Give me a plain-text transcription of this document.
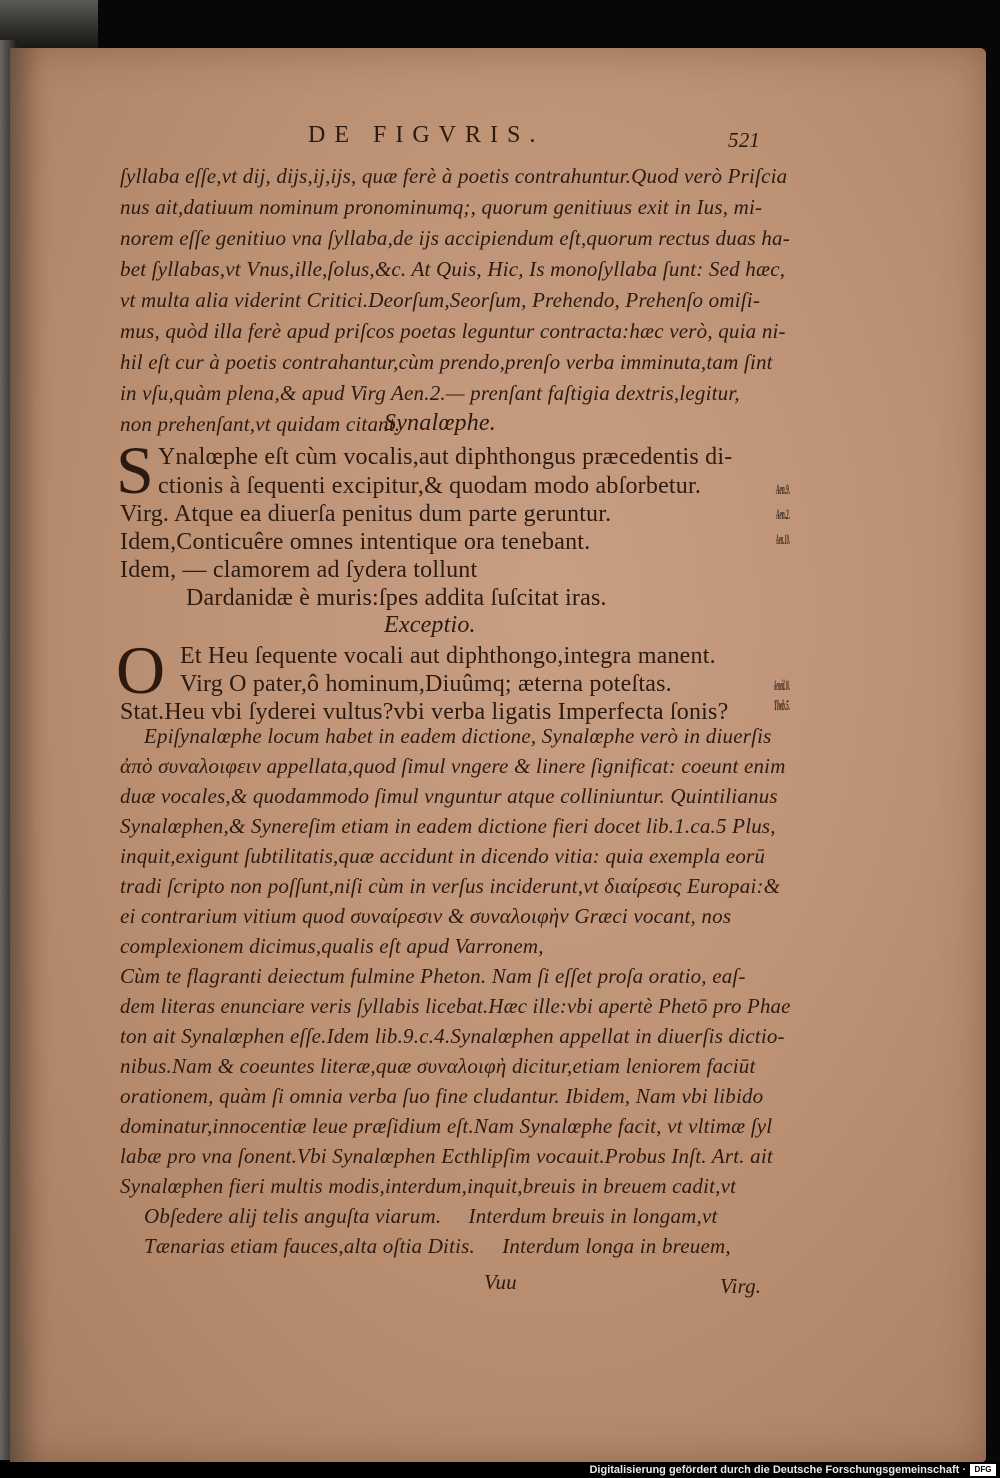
DE FIGVRIS.	521
ſyllaba eſſe,vt dij, dijs,ij,ijs, quæ ferè à poetis contrahuntur.Quod verò Priſcia
nus ait,datiuum nominum pronominumq;, quorum genitiuus exit in Ius, mi-
norem eſſe genitiuo vna ſyllaba,de ijs accipiendum eſt,quorum rectus duas ha-
bet ſyllabas,vt Vnus,ille,ſolus,&c. At Quis, Hic, Is monoſyllaba ſunt: Sed hæc,
vt multa alia viderint Critici.Deorſum,Seorſum, Prehendo, Prehenſo omiſi-
mus, quòd illa ferè apud priſcos poetas leguntur contracta:hæc verò, quia ni-
hil eſt cur à poetis contrahantur,cùm prendo,prenſo verba imminuta,tam ſint
in vſu,quàm plena,& apud Virg Aen.2.— prenſant faſtigia dextris,legitur,
non prehenſant,vt quidam citant.
Synalœphe.
S Ynalœphe eſt cùm vocalis,aut diphthongus præcedentis di-
ctionis à ſequenti excipitur,& quodam modo abſorbetur.
Virg. Atque ea diuerſa penitus dum parte geruntur.
Idem,Conticuêre omnes intentique ora tenebant.
Idem, — clamorem ad ſydera tollunt
Dardanidæ è muris:ſpes addita ſuſcitat iras.
Aen.9.
Aen.2.
Aen.10.
Exceptio.
O Et Heu ſequente vocali aut diphthongo,integra manent.
Virg O pater,ô hominum,Diuûmq; æterna poteſtas.
Stat.Heu vbi ſyderei vultus?vbi verba ligatis Imperfecta ſonis?
Aeneid.10.
Theb.5.
Epiſynalœphe locum habet in eadem dictione, Synalœphe verò in diuerſis
ἀπὸ συναλοιφειν appellata,quod ſimul vngere & linere ſignificat: coeunt enim
duæ vocales,& quodammodo ſimul vnguntur atque colliniuntur. Quintilianus
Synalœphen,& Synereſim etiam in eadem dictione fieri docet lib.1.ca.5 Plus,
inquit,exigunt ſubtilitatis,quæ accidunt in dicendo vitia: quia exempla eorū
tradi ſcripto non poſſunt,niſi cùm in verſus inciderunt,vt διαίρεσις Europai:&
ei contrarium vitium quod συναίρεσιν & συναλοιφὴν Græci vocant, nos
complexionem dicimus,qualis eſt apud Varronem,
Cùm te flagranti deiectum fulmine Pheton. Nam ſi eſſet proſa oratio, eaſ-
dem literas enunciare veris ſyllabis licebat.Hæc ille:vbi apertè Phetō pro Phae
ton ait Synalœphen eſſe.Idem lib.9.c.4.Synalœphen appellat in diuerſis dictio-
nibus.Nam & coeuntes literæ,quæ συναλοιφὴ dicitur,etiam leniorem faciūt
orationem, quàm ſi omnia verba ſuo fine cludantur. Ibidem, Nam vbi libido
dominatur,innocentiæ leue præſidium eſt.Nam Synalœphe facit, vt vltimæ ſyl
labæ pro vna ſonent.Vbi Synalœphen Ecthlipſim vocauit.Probus Inſt. Art. ait
Synalœphen fieri multis modis,interdum,inquit,breuis in breuem cadit,vt
Obſedere alij telis anguſta viarum.     Interdum breuis in longam,vt
Tænarias etiam fauces,alta oſtia Ditis.     Interdum longa in breuem,
Vuu	Virg.
Digitalisierung gefördert durch die Deutsche Forschungsgemeinschaft ·	DFG
